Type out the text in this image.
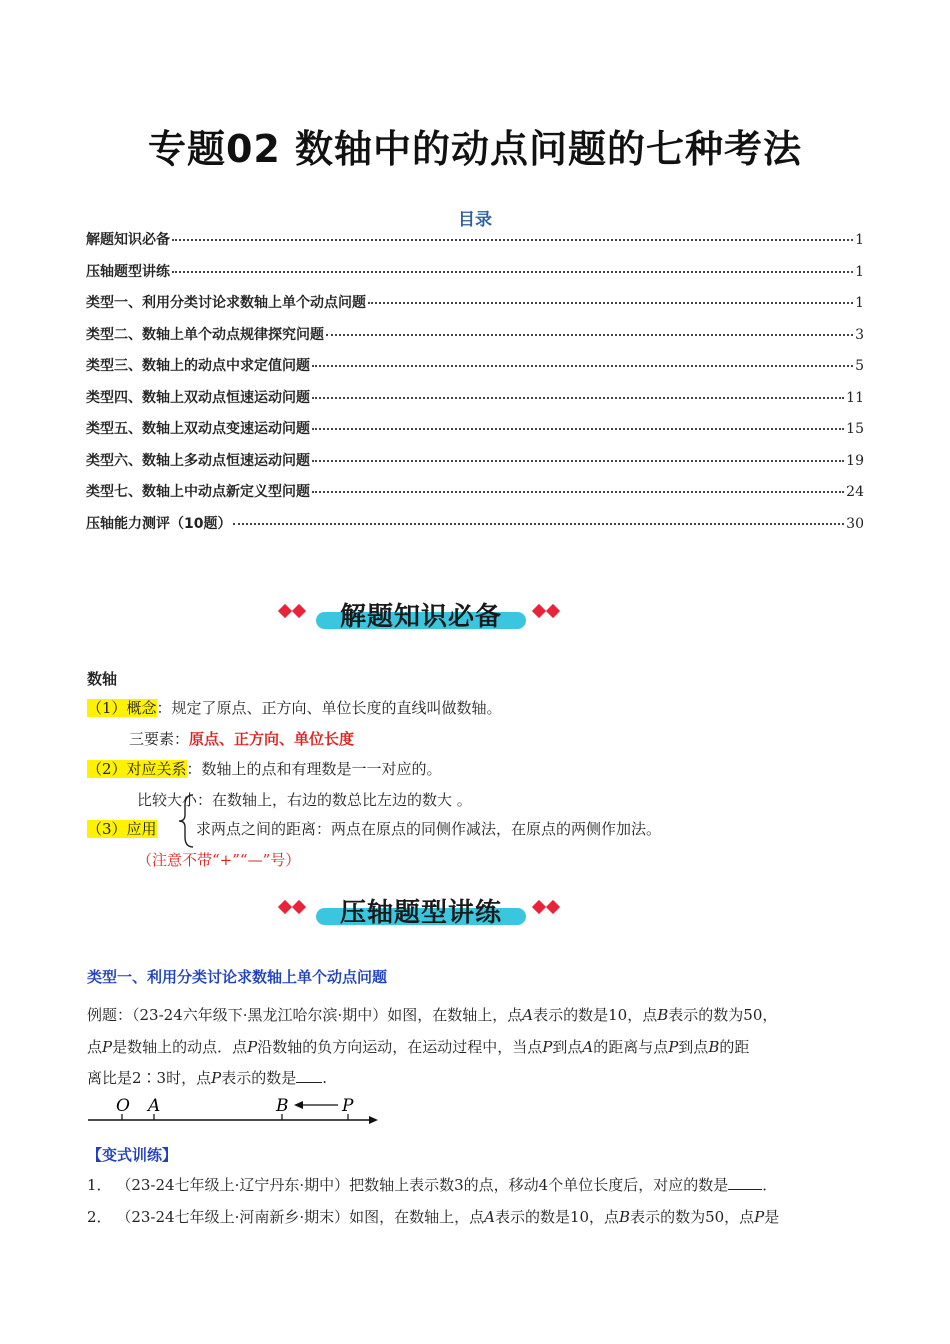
专题02 数轴中的动点问题的七种考法
目录
解题知识必备	1
压轴题型讲练	1
类型一、利用分类讨论求数轴上单个动点问题	1
类型二、数轴上单个动点规律探究问题	3
类型三、数轴上的动点中求定值问题	5
类型四、数轴上双动点恒速运动问题	11
类型五、数轴上双动点变速运动问题	15
类型六、数轴上多动点恒速运动问题	19
类型七、数轴上中动点新定义型问题	24
压轴能力测评（10题）	30
解题知识必备
数轴
（1）概念：规定了原点、正方向、单位长度的直线叫做数轴。
三要素：原点、正方向、单位长度
（2）对应关系：数轴上的点和有理数是一一对应的。
比较大小：在数轴上，右边的数总比左边的数大 。
（3）应用	求两点之间的距离：两点在原点的同侧作减法，在原点的两侧作加法。
（注意不带“+”“—”号）
压轴题型讲练
类型一、利用分类讨论求数轴上单个动点问题
例题：（23-24六年级下·黑龙江哈尔滨·期中）如图，在数轴上，点A表示的数是10，点B表示的数为50，
点P是数轴上的动点．点P沿数轴的负方向运动，在运动过程中，当点P到点A的距离与点P到点B的距
离比是2∶3时，点P表示的数是 .
O A	B	P
【变式训练】
1． （23-24七年级上·辽宁丹东·期中）把数轴上表示数3的点，移动4个单位长度后，对应的数是 ．
2． （23-24七年级上·河南新乡·期末）如图，在数轴上，点A表示的数是10，点B表示的数为50，点P是
